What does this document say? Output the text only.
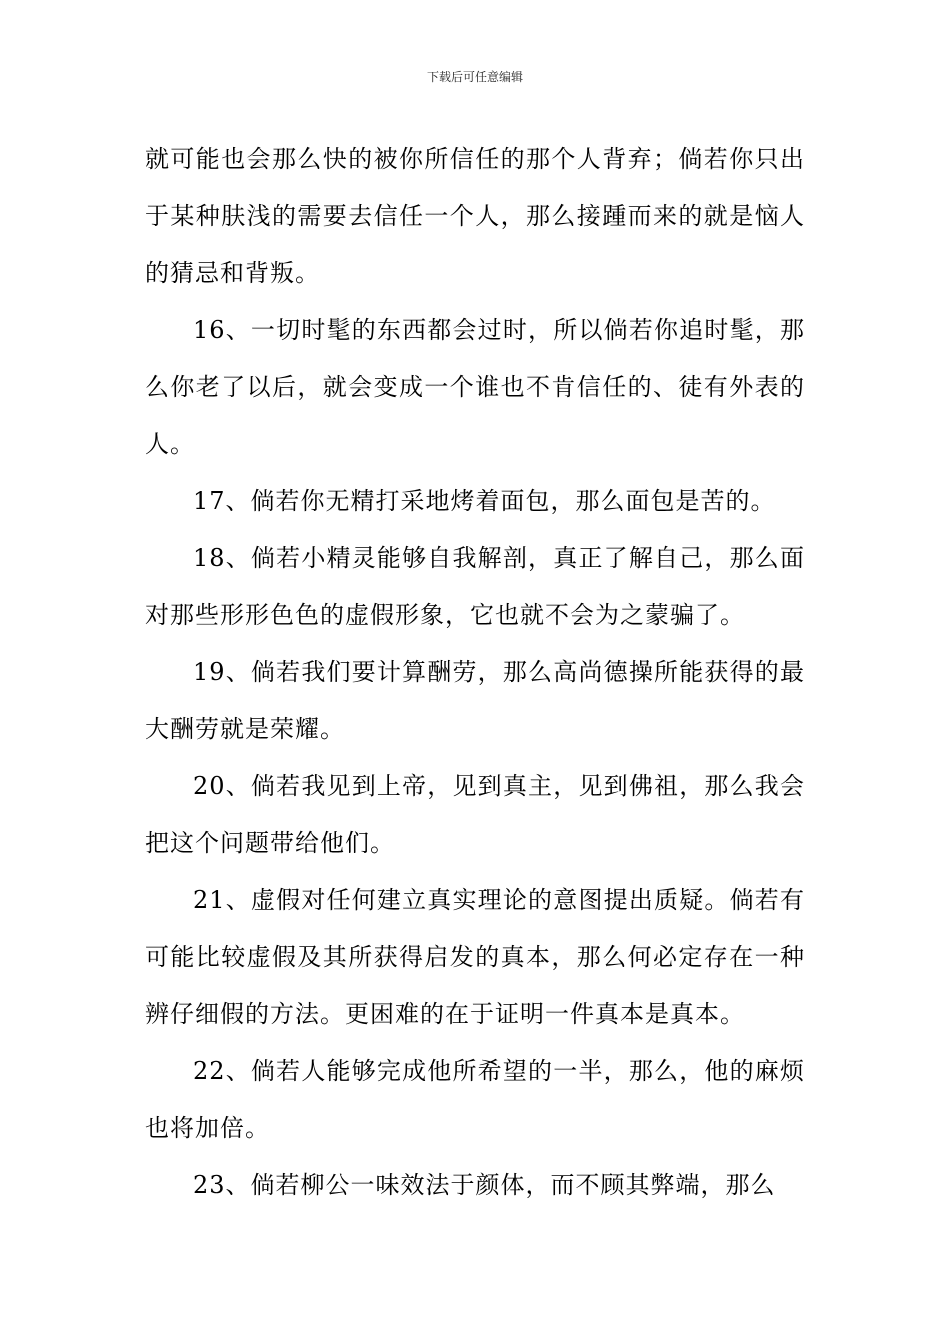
下载后可任意编辑

就可能也会那么快的被你所信任的那个人背弃；倘若你只出于某种肤浅的需要去信任一个人，那么接踵而来的就是恼人的猜忌和背叛。

16、一切时髦的东西都会过时，所以倘若你追时髦，那么你老了以后，就会变成一个谁也不肯信任的、徒有外表的人。

17、倘若你无精打采地烤着面包，那么面包是苦的。

18、倘若小精灵能够自我解剖，真正了解自己，那么面对那些形形色色的虚假形象，它也就不会为之蒙骗了。

19、倘若我们要计算酬劳，那么高尚德操所能获得的最大酬劳就是荣耀。

20、倘若我见到上帝，见到真主，见到佛祖，那么我会把这个问题带给他们。

21、虚假对任何建立真实理论的意图提出质疑。倘若有可能比较虚假及其所获得启发的真本，那么何必定存在一种辨仔细假的方法。更困难的在于证明一件真本是真本。

22、倘若人能够完成他所希望的一半，那么，他的麻烦也将加倍。

23、倘若柳公一味效法于颜体，而不顾其弊端，那么
